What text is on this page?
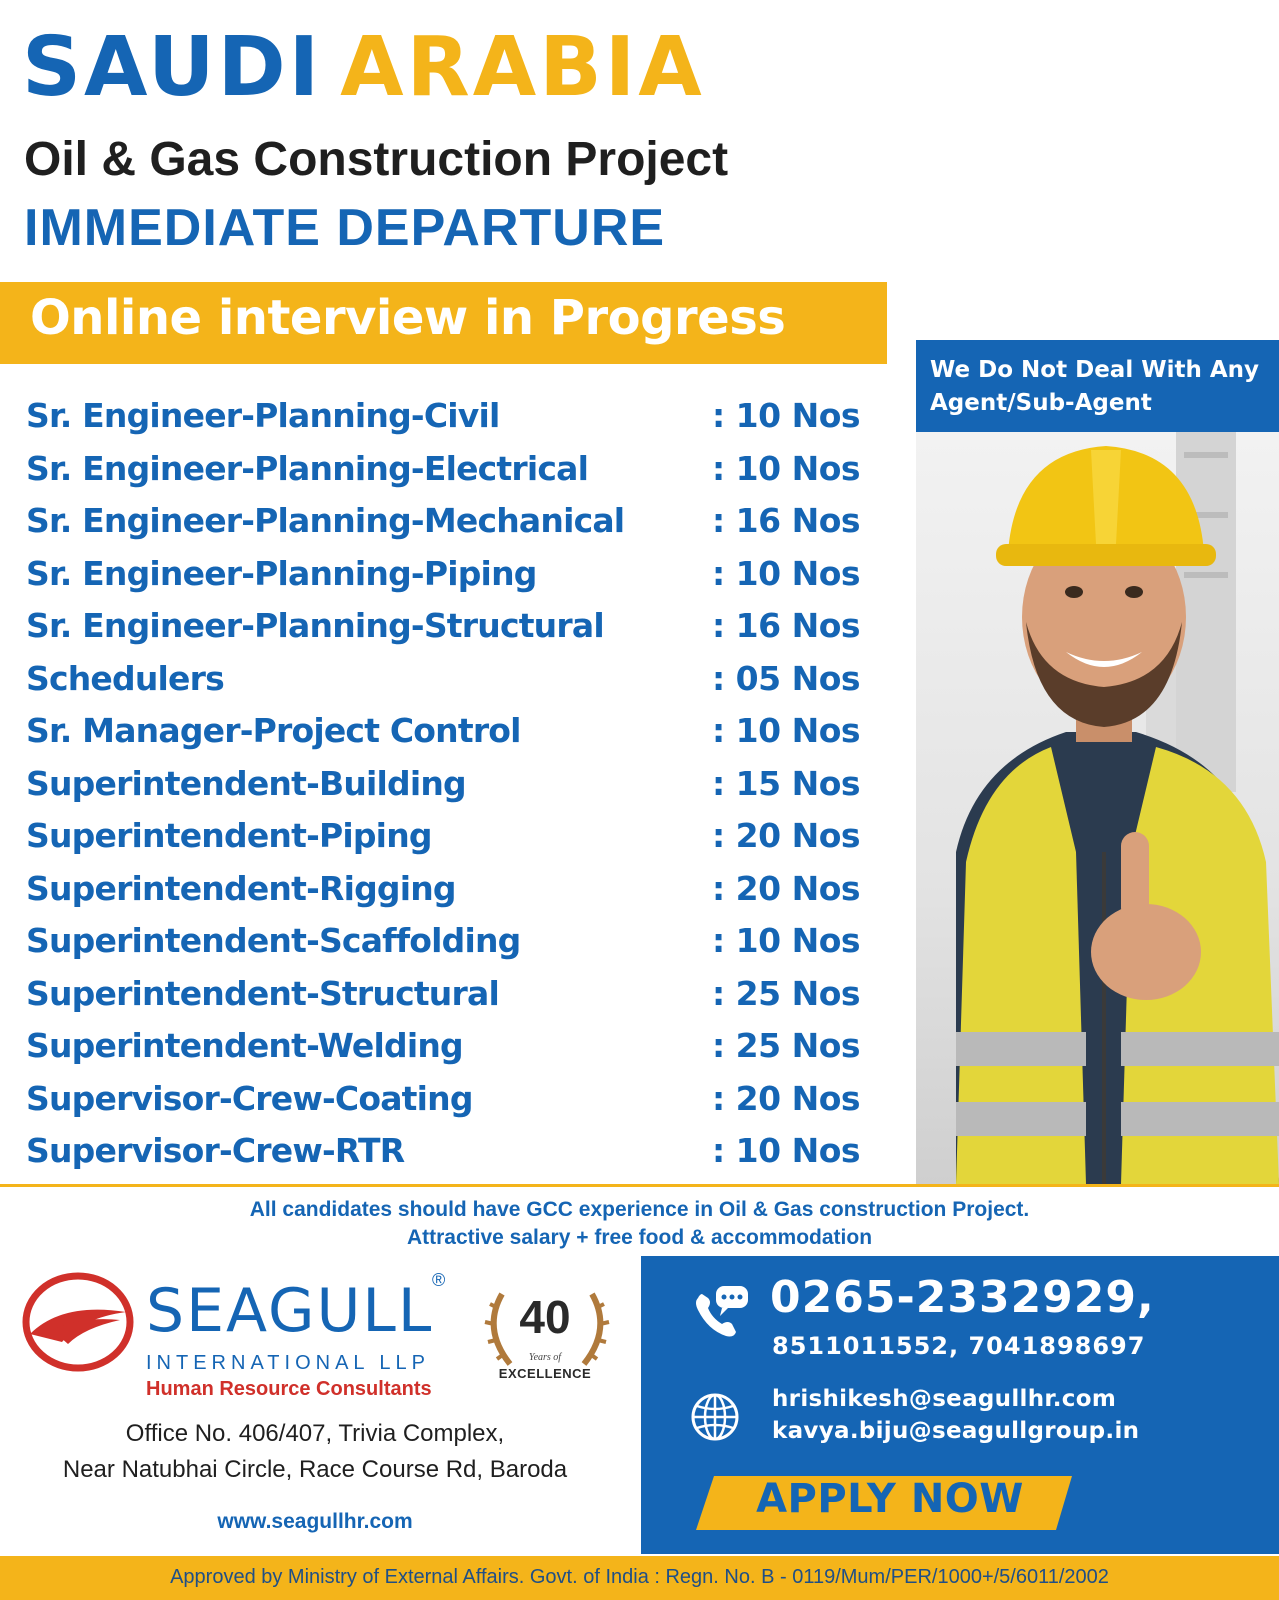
SAUDI ARABIA
Oil & Gas Construction Project
IMMEDIATE DEPARTURE
Online interview in Progress
We Do Not Deal With Any Agent/Sub-Agent
Sr. Engineer-Planning-Civil	: 10 Nos
Sr. Engineer-Planning-Electrical	: 10 Nos
Sr. Engineer-Planning-Mechanical	: 16 Nos
Sr. Engineer-Planning-Piping	: 10 Nos
Sr. Engineer-Planning-Structural	: 16 Nos
Schedulers	: 05 Nos
Sr. Manager-Project Control	: 10 Nos
Superintendent-Building	: 15 Nos
Superintendent-Piping	: 20 Nos
Superintendent-Rigging	: 20 Nos
Superintendent-Scaffolding	: 10 Nos
Superintendent-Structural	: 25 Nos
Superintendent-Welding	: 25 Nos
Supervisor-Crew-Coating	: 20 Nos
Supervisor-Crew-RTR	: 10 Nos
All candidates should have GCC experience in Oil & Gas construction Project.
Attractive salary + free food & accommodation
SEAGULL
®
INTERNATIONAL LLP
Human Resource Consultants
40
Years of
EXCELLENCE
Office No. 406/407, Trivia Complex,
Near Natubhai Circle, Race Course Rd, Baroda
www.seagullhr.com
0265-2332929,
8511011552, 7041898697
hrishikesh@seagullhr.com
kavya.biju@seagullgroup.in
APPLY NOW
Approved by Ministry of External Affairs. Govt. of India : Regn. No. B - 0119/Mum/PER/1000+/5/6011/2002
